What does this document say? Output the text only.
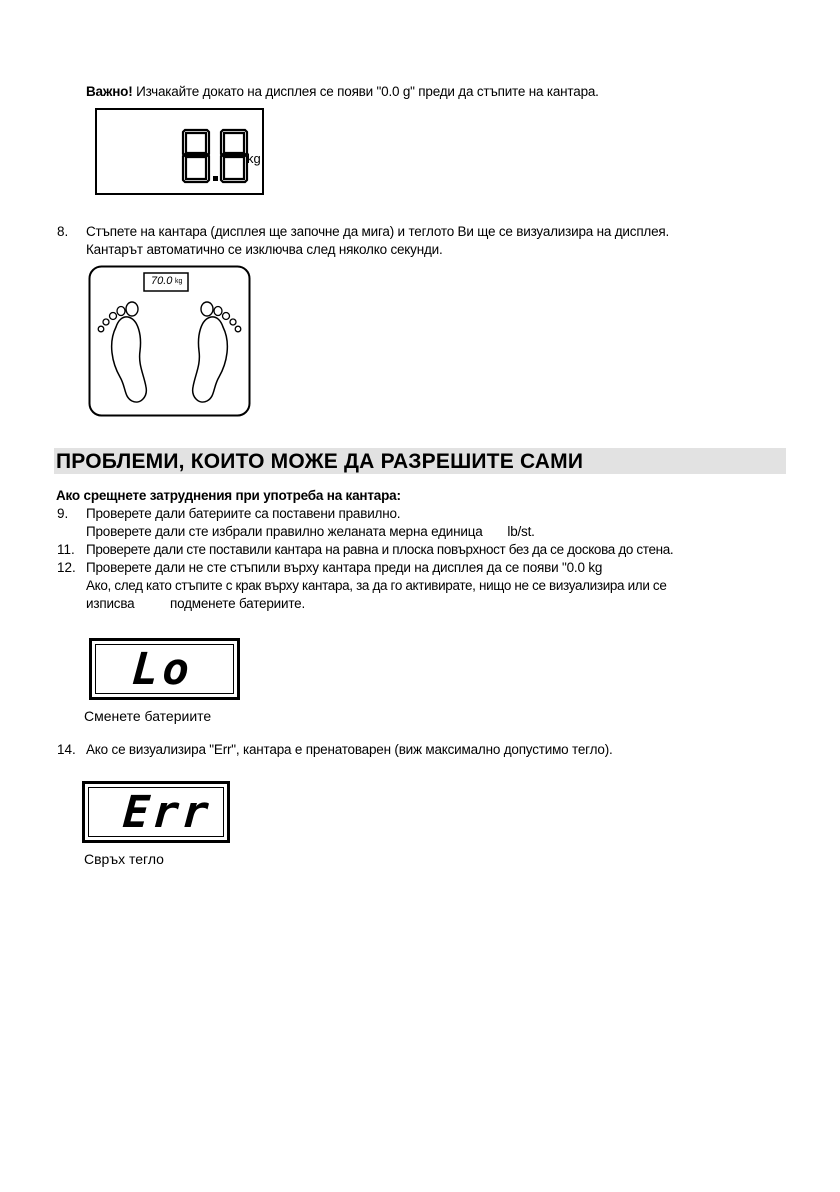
Важно! Изчакайте докато на дисплея се появи "0.0 g" преди да стъпите на кантара.
kg
8. Стъпете на кантара (дисплея ще започне да мига) и теглото Ви ще се визуализира на дисплея.
Кантарът автоматично се изключва след няколко секунди.
70.0 kg
ПРОБЛЕМИ, КОИТО МОЖЕ ДА РАЗРЕШИТЕ САМИ
Ако срещнете затруднения при употреба на кантара:
9. Проверете дали батериите са поставени правилно.
Проверете дали сте избрали правилно желаната мерна единица       lb/st.
11. Проверете дали сте поставили кантара на равна и плоска повърхност без да се доскова до стена.
12. Проверете дали не сте стъпили върху кантара преди на дисплея да се появи "0.0 kg
Ако, след като стъпите с крак върху кантара, за да го активирате, нищо не се визуализира или се
изписва          подменете батериите.
Lo
Сменете батериите
14. Ако се визуализира "Err", кантара е пренатоварен (виж максимално допустимо тегло).
Err
Свръх тегло
